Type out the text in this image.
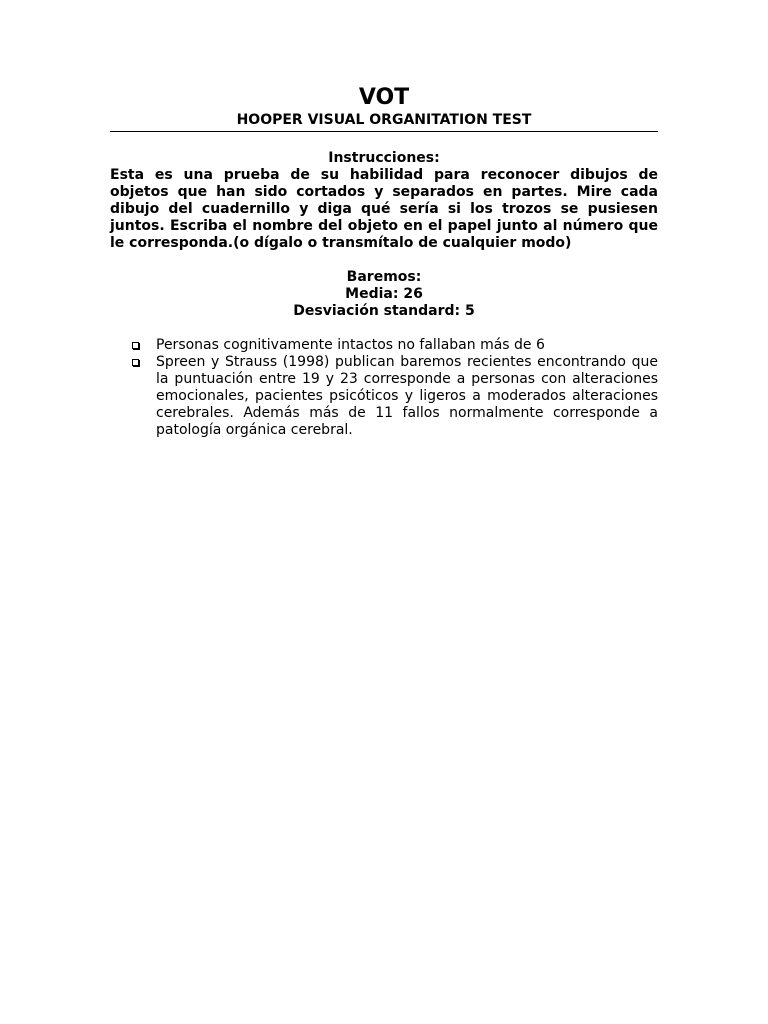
VOT
HOOPER VISUAL ORGANITATION TEST
Instrucciones:

Esta es una prueba de su habilidad para reconocer dibujos de objetos que han sido cortados y separados en partes. Mire cada dibujo del cuadernillo y diga qué sería si los trozos se pusiesen juntos. Escriba el nombre del objeto en el papel junto al número que le corresponda.(o dígalo o transmítalo de cualquier modo)

Baremos:
Media: 26
Desviación standard: 5
Personas cognitivamente intactos no fallaban más de 6
Spreen y Strauss (1998) publican baremos recientes encontrando que la puntuación entre 19 y 23 corresponde a personas con alteraciones emocionales, pacientes psicóticos y ligeros a moderados alteraciones cerebrales. Además más de 11 fallos normalmente corresponde a patología orgánica cerebral.
